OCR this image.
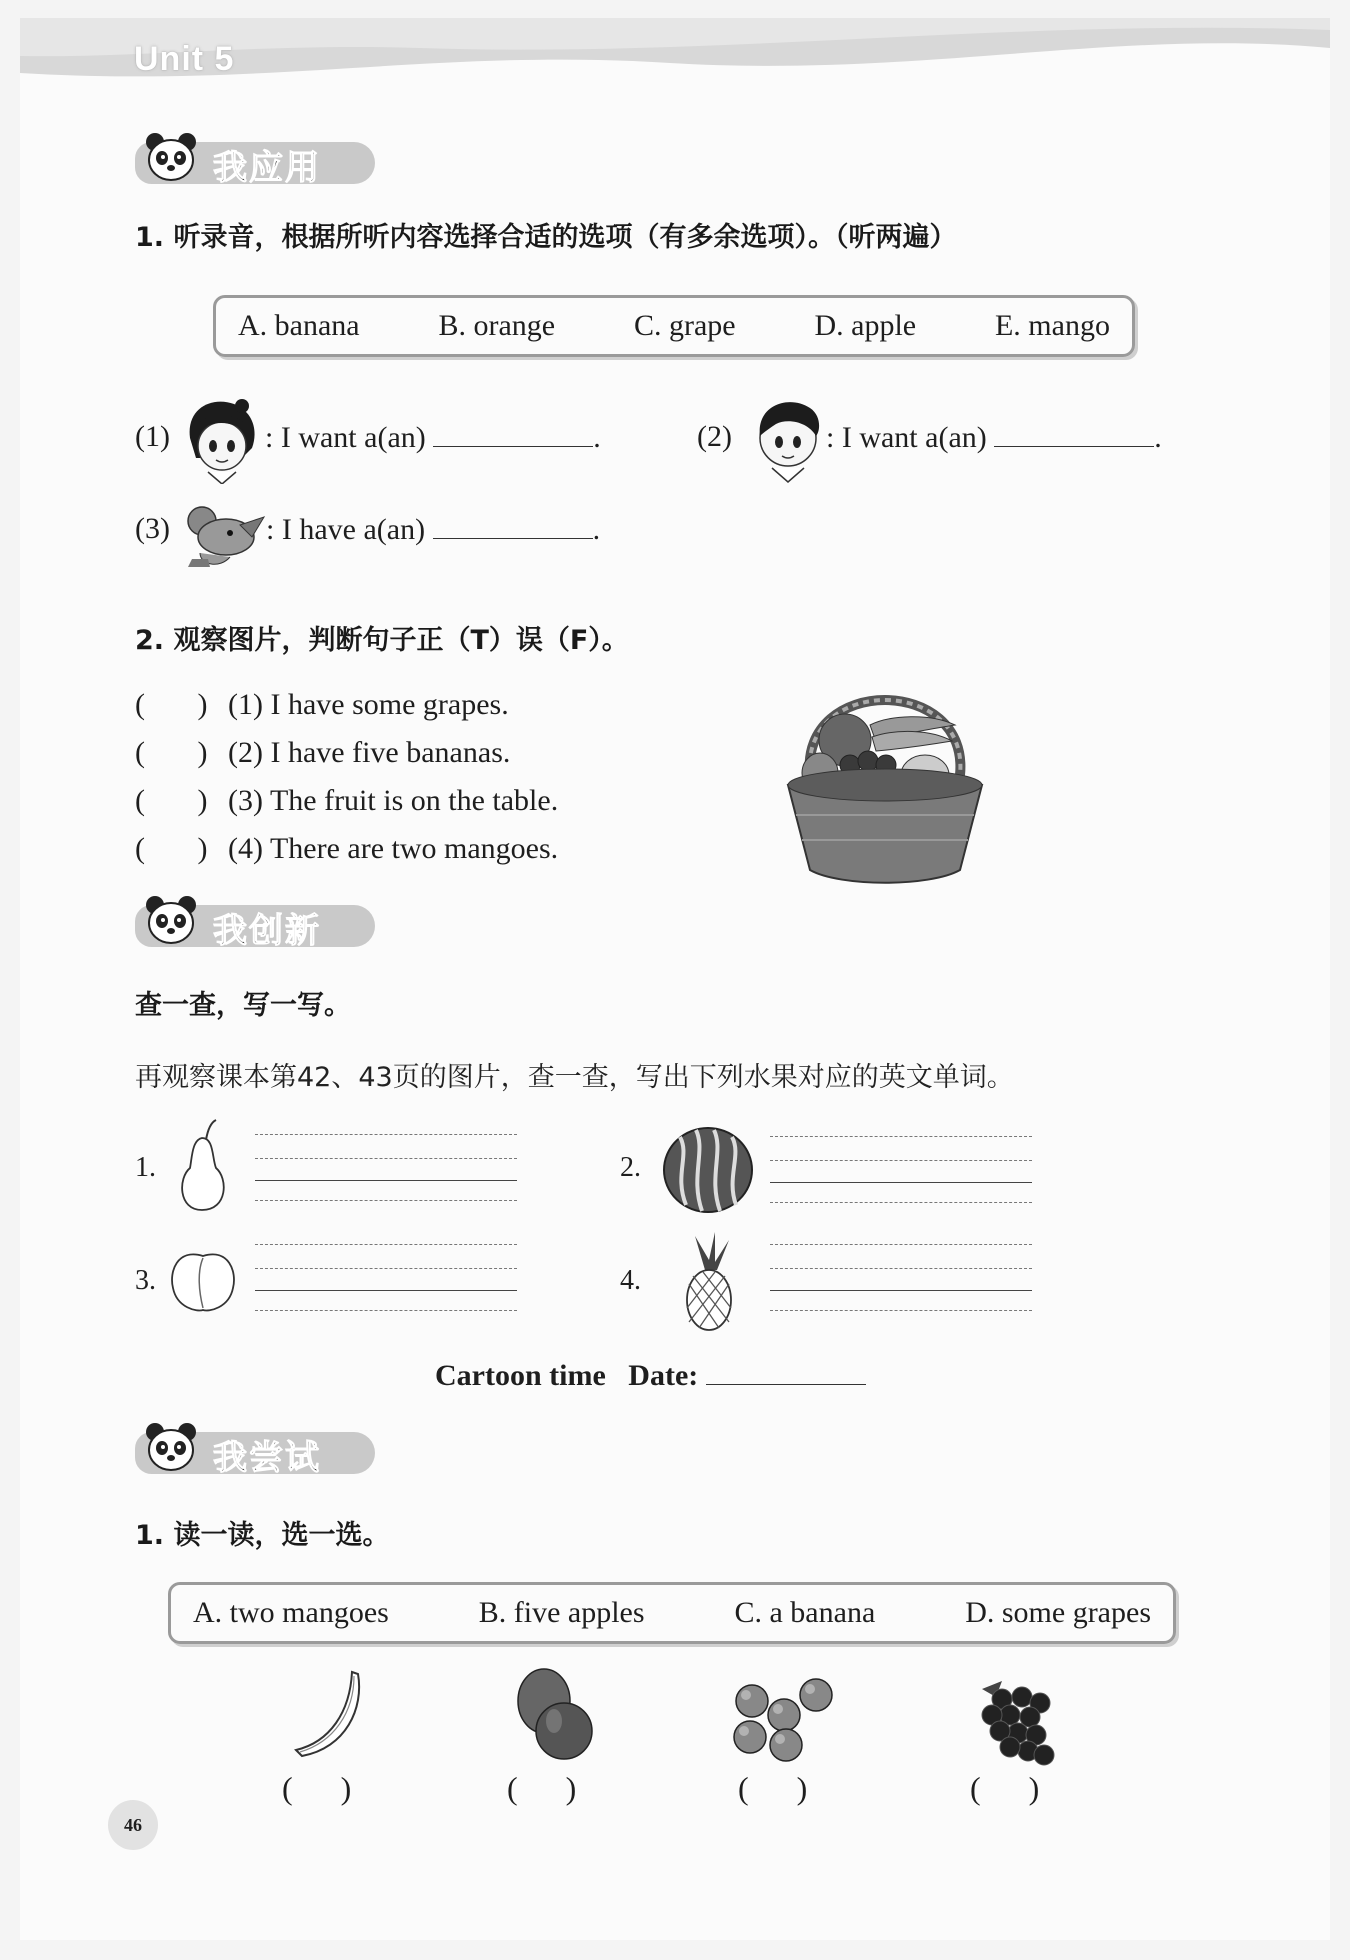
Unit 5
我应用
1. 听录音，根据所听内容选择合适的选项（有多余选项）。（听两遍）
A. banana	B. orange	C. grape	D. apple	E. mango
(1)	: I want a(an)	.	(2)	: I want a(an)	.
(3)	: I have a(an)	.
2. 观察图片，判断句子正（T）误（F）。
(       ) (1) I have some grapes.
(       ) (2) I have five bananas.
(       ) (3) The fruit is on the table.
(       ) (4) There are two mangoes.
我创新
查一查，写一写。
再观察课本第42、43页的图片，查一查，写出下列水果对应的英文单词。
1.	2.
3.	4.
Cartoon time Date:
我尝试
1. 读一读，选一选。
A. two mangoes	B. five apples	C. a banana	D. some grapes
(      )	(      )	(      )	(      )
46
